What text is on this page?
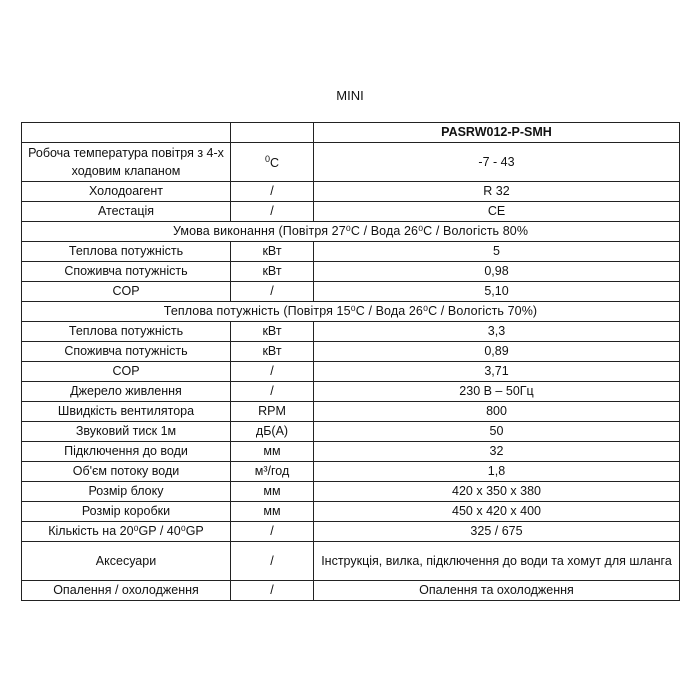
MINI
		PASRW012-P-SMH
Робоча температура повітря з 4-х ходовим клапаном	$^0$C	-7 - 43
Холодоагент	/	R 32
Атестація	/	CE
Умова виконання (Повітря 27⁰C / Вода 26⁰C / Вологість 80%		
Теплова потужність	кВт	5
Споживча потужність	кВт	0,98
COP	/	5,10
Теплова потужність (Повітря 15⁰C / Вода 26⁰C / Вологість 70%)		
Теплова потужність	кВт	3,3
Споживча потужність	кВт	0,89
COP	/	3,71
Джерело живлення	/	230 В – 50Гц
Швидкість вентилятора	RPM	800
Звуковий тиск 1м	дБ(А)	50
Підключення до води	мм	32
Об'єм потоку води	м³/год	1,8
Розмір блоку	мм	420 x 350 x 380
Розмір коробки	мм	450 x 420 x 400
Кількість на 20⁰GP / 40⁰GP	/	325 / 675
Аксесуари	/	Інструкція, вилка, підключення до води та хомут для шланга
Опалення / охолодження	/	Опалення та охолодження
